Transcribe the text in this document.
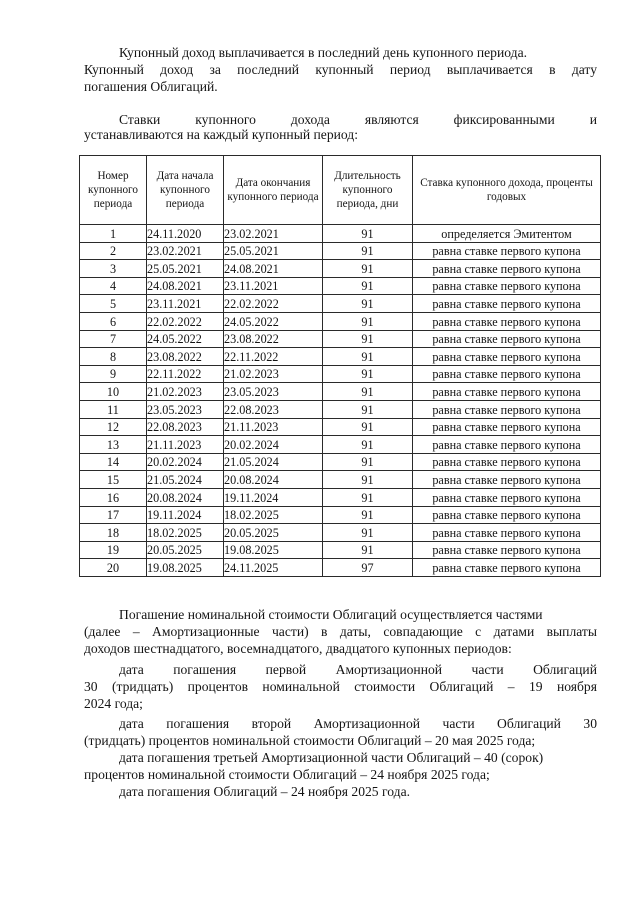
Купонный доход выплачивается в последний день купонного периода.

Купонный доход за последний купонный период выплачивается в дату

погашения Облигаций.

Ставки купонного дохода являются фиксированными и

устанавливаются на каждый купонный период:

Номер купонного периода	Дата начала купонного периода	Дата окончания купонного периода	Длительность купонного периода, дни	Ставка купонного дохода, проценты годовых
1	24.11.2020	23.02.2021	91	определяется Эмитентом
2	23.02.2021	25.05.2021	91	равна ставке первого купона
3	25.05.2021	24.08.2021	91	равна ставке первого купона
4	24.08.2021	23.11.2021	91	равна ставке первого купона
5	23.11.2021	22.02.2022	91	равна ставке первого купона
6	22.02.2022	24.05.2022	91	равна ставке первого купона
7	24.05.2022	23.08.2022	91	равна ставке первого купона
8	23.08.2022	22.11.2022	91	равна ставке первого купона
9	22.11.2022	21.02.2023	91	равна ставке первого купона
10	21.02.2023	23.05.2023	91	равна ставке первого купона
11	23.05.2023	22.08.2023	91	равна ставке первого купона
12	22.08.2023	21.11.2023	91	равна ставке первого купона
13	21.11.2023	20.02.2024	91	равна ставке первого купона
14	20.02.2024	21.05.2024	91	равна ставке первого купона
15	21.05.2024	20.08.2024	91	равна ставке первого купона
16	20.08.2024	19.11.2024	91	равна ставке первого купона
17	19.11.2024	18.02.2025	91	равна ставке первого купона
18	18.02.2025	20.05.2025	91	равна ставке первого купона
19	20.05.2025	19.08.2025	91	равна ставке первого купона
20	19.08.2025	24.11.2025	97	равна ставке первого купона

Погашение номинальной стоимости Облигаций осуществляется частями

(далее – Амортизационные части) в даты, совпадающие с датами выплаты

доходов шестнадцатого, восемнадцатого, двадцатого купонных периодов:

дата погашения первой Амортизационной части Облигаций

30 (тридцать) процентов номинальной стоимости Облигаций – 19 ноября

2024 года;

дата погашения второй Амортизационной части Облигаций 30

(тридцать) процентов номинальной стоимости Облигаций – 20 мая 2025 года;

дата погашения третьей Амортизационной части Облигаций – 40 (сорок)

процентов номинальной стоимости Облигаций – 24 ноября 2025 года;

дата погашения Облигаций – 24 ноября 2025 года.
